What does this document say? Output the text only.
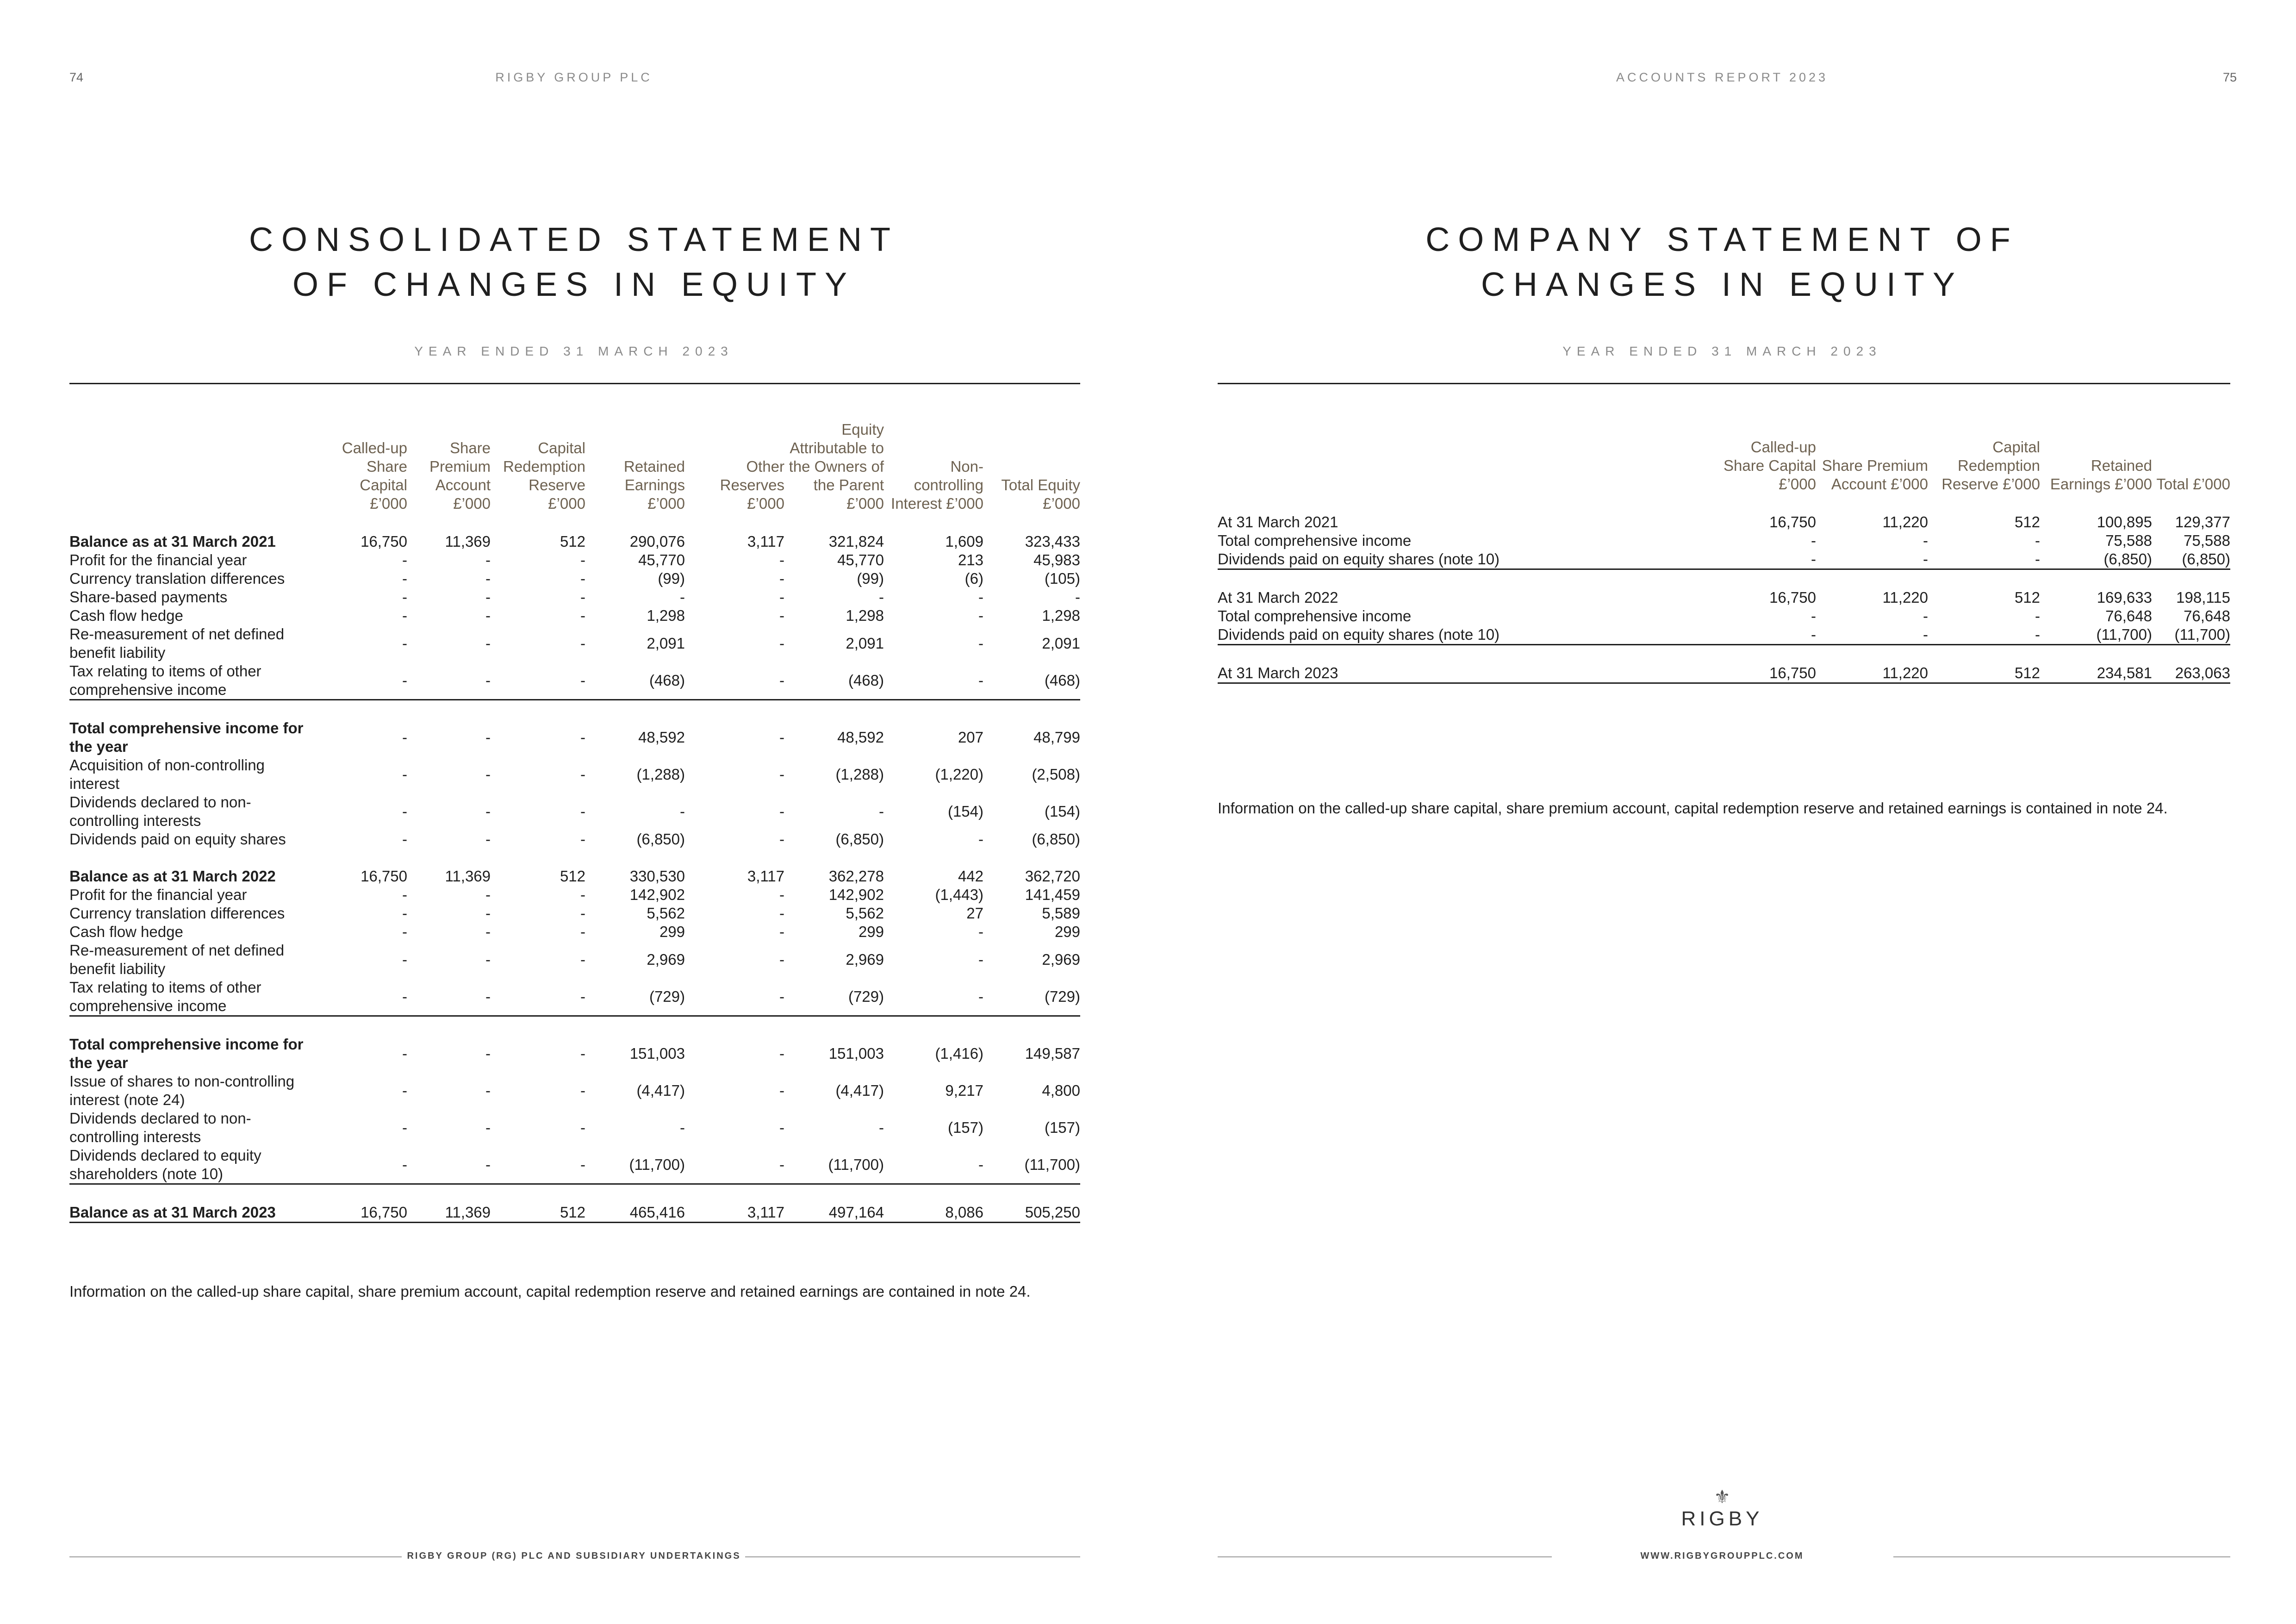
74	RIGBY GROUP PLC
CONSOLIDATED STATEMENT
OF CHANGES IN EQUITY
YEAR ENDED 31 MARCH 2023
	Called-up Share Capital £’000	Share Premium Account £’000	Capital Redemption Reserve £’000	Retained Earnings £’000	Other Reserves £’000	Equity Attributable to the Owners of the Parent £’000	Non-controlling Interest £’000	Total Equity £’000
Balance as at 31 March 2021	16,750	11,369	512	290,076	3,117	321,824	1,609	323,433
Profit for the financial year	-	-	-	45,770	-	45,770	213	45,983
Currency translation differences	-	-	-	(99)	-	(99)	(6)	(105)
Share-based payments	-	-	-	-	-	-	-	-
Cash flow hedge	-	-	-	1,298	-	1,298	-	1,298
Re-measurement of net defined benefit liability	-	-	-	2,091	-	2,091	-	2,091
Tax relating to items of other comprehensive income	-	-	-	(468)	-	(468)	-	(468)
Total comprehensive income for the year	-	-	-	48,592	-	48,592	207	48,799
Acquisition of non-controlling interest	-	-	-	(1,288)	-	(1,288)	(1,220)	(2,508)
Dividends declared to non-controlling interests	-	-	-	-	-	-	(154)	(154)
Dividends paid on equity shares	-	-	-	(6,850)	-	(6,850)	-	(6,850)
Balance as at 31 March 2022	16,750	11,369	512	330,530	3,117	362,278	442	362,720
Profit for the financial year	-	-	-	142,902	-	142,902	(1,443)	141,459
Currency translation differences	-	-	-	5,562	-	5,562	27	5,589
Cash flow hedge	-	-	-	299	-	299	-	299
Re-measurement of net defined benefit liability	-	-	-	2,969	-	2,969	-	2,969
Tax relating to items of other comprehensive income	-	-	-	(729)	-	(729)	-	(729)
Total comprehensive income for the year	-	-	-	151,003	-	151,003	(1,416)	149,587
Issue of shares to non-controlling interest (note 24)	-	-	-	(4,417)	-	(4,417)	9,217	4,800
Dividends declared to non-controlling interests	-	-	-	-	-	-	(157)	(157)
Dividends declared to equity shareholders (note 10)	-	-	-	(11,700)	-	(11,700)	-	(11,700)
Balance as at 31 March 2023	16,750	11,369	512	465,416	3,117	497,164	8,086	505,250
Information on the called-up share capital, share premium account, capital redemption reserve and retained earnings are contained in note 24.
RIGBY GROUP (RG) PLC AND SUBSIDIARY UNDERTAKINGS
ACCOUNTS REPORT 2023	75
COMPANY STATEMENT OF
CHANGES IN EQUITY
YEAR ENDED 31 MARCH 2023
	Called-up Share Capital £’000	Share Premium Account £’000	Capital Redemption Reserve £’000	Retained Earnings £’000	Total £’000
At 31 March 2021	16,750	11,220	512	100,895	129,377
Total comprehensive income	-	-	-	75,588	75,588
Dividends paid on equity shares (note 10)	-	-	-	(6,850)	(6,850)
At 31 March 2022	16,750	11,220	512	169,633	198,115
Total comprehensive income	-	-	-	76,648	76,648
Dividends paid on equity shares (note 10)	-	-	-	(11,700)	(11,700)
At 31 March 2023	16,750	11,220	512	234,581	263,063
Information on the called-up share capital, share premium account, capital redemption reserve and retained earnings is contained in note 24.
⚜
RIGBY
WWW.RIGBYGROUPPLC.COM
